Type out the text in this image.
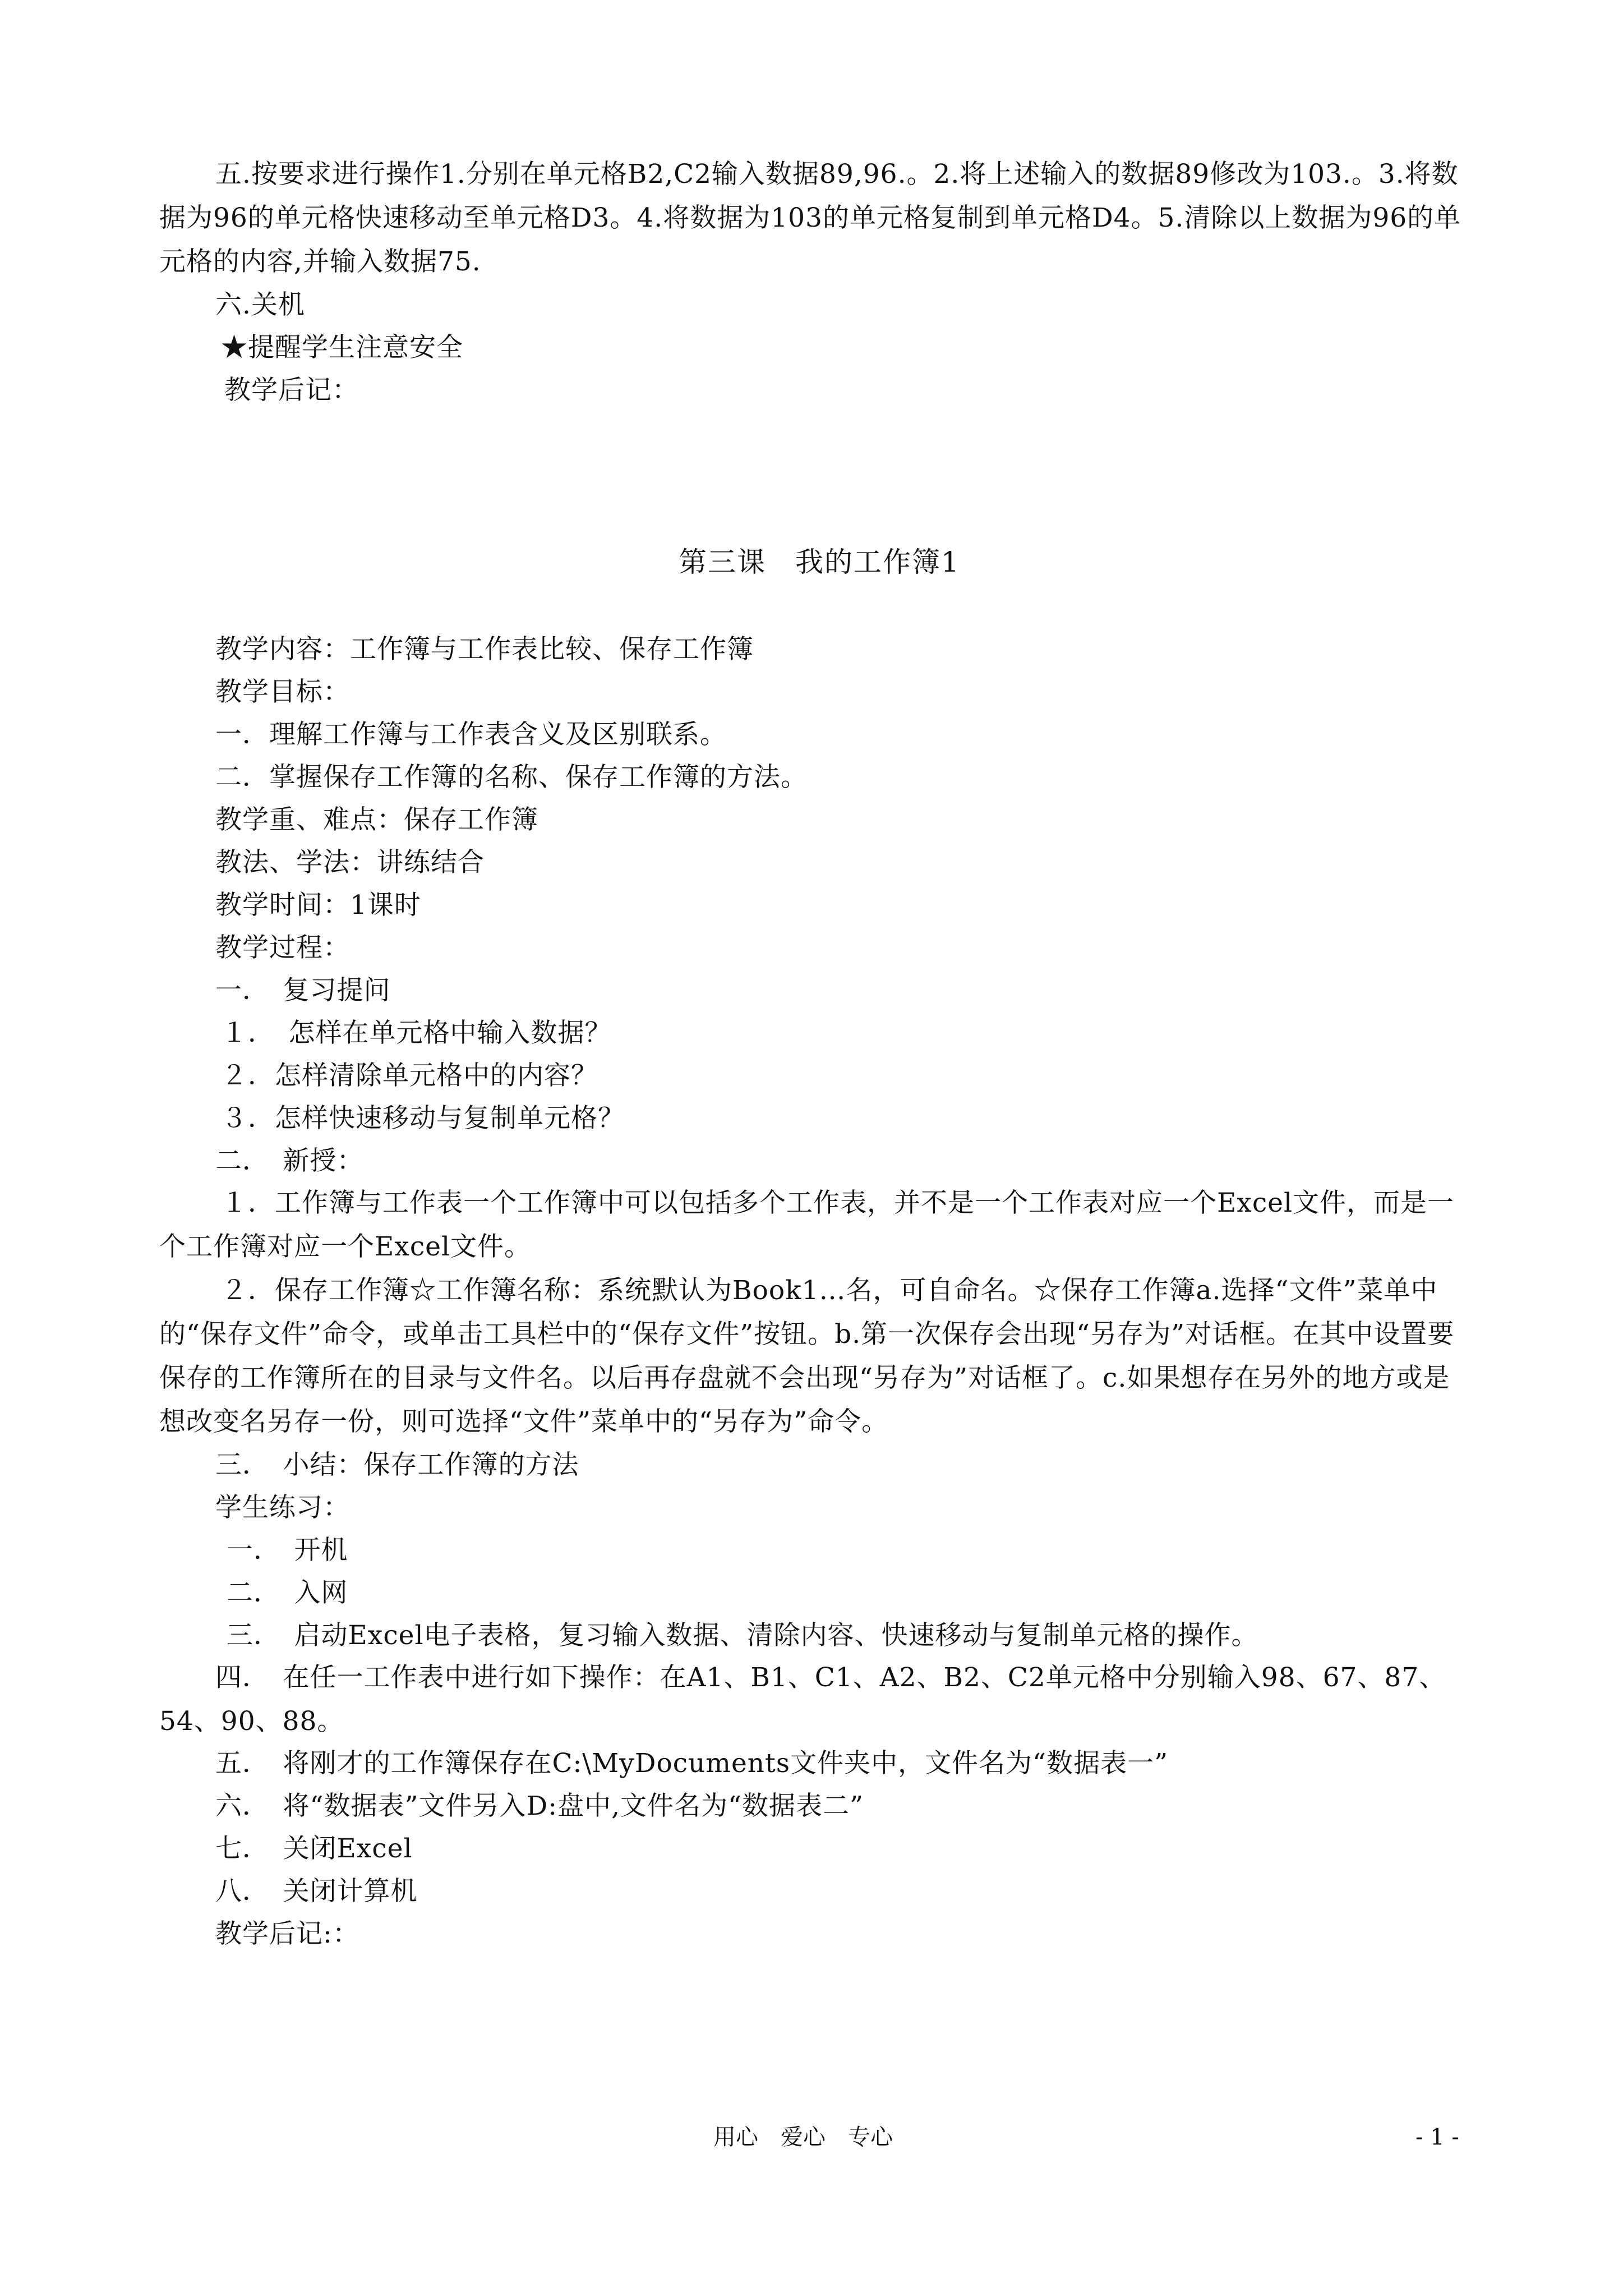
五.按要求进行操作1.分别在单元格B2,C2输入数据89,96.。2.将上述输入的数据89修改为103.。3.将数据为96的单元格快速移动至单元格D3。4.将数据为103的单元格复制到单元格D4。5.清除以上数据为96的单元格的内容,并输入数据75.
六.关机
★提醒学生注意安全
教学后记：
第三课　我的工作簿1
教学内容：工作簿与工作表比较、保存工作簿
教学目标：
一．理解工作簿与工作表含义及区别联系。
二．掌握保存工作簿的名称、保存工作簿的方法。
教学重、难点：保存工作簿
教法、学法：讲练结合
教学时间：1课时
教学过程：
一．　复习提问
１．　怎样在单元格中输入数据？
２．怎样清除单元格中的内容？
３．怎样快速移动与复制单元格？
二．　新授：
１．工作簿与工作表一个工作簿中可以包括多个工作表，并不是一个工作表对应一个Excel文件，而是一个工作簿对应一个Excel文件。
２．保存工作簿☆工作簿名称：系统默认为Book1…名，可自命名。☆保存工作簿a.选择“文件”菜单中的“保存文件”命令，或单击工具栏中的“保存文件”按钮。b.第一次保存会出现“另存为”对话框。在其中设置要保存的工作簿所在的目录与文件名。以后再存盘就不会出现“另存为”对话框了。c.如果想存在另外的地方或是想改变名另存一份，则可选择“文件”菜单中的“另存为”命令。
三．　小结：保存工作簿的方法
学生练习：
一．　开机
二．　入网
三．　启动Excel电子表格，复习输入数据、清除内容、快速移动与复制单元格的操作。
四．　在任一工作表中进行如下操作：在A1、B1、C1、A2、B2、C2单元格中分别输入98、67、87、54、90、88。
五．　将刚才的工作簿保存在C:\MyDocuments文件夹中，文件名为“数据表一”
六．　将“数据表”文件另入D:盘中,文件名为“数据表二”
七．　关闭Excel
八．　关闭计算机
教学后记:：
用心　爱心　专心	- 1 -
